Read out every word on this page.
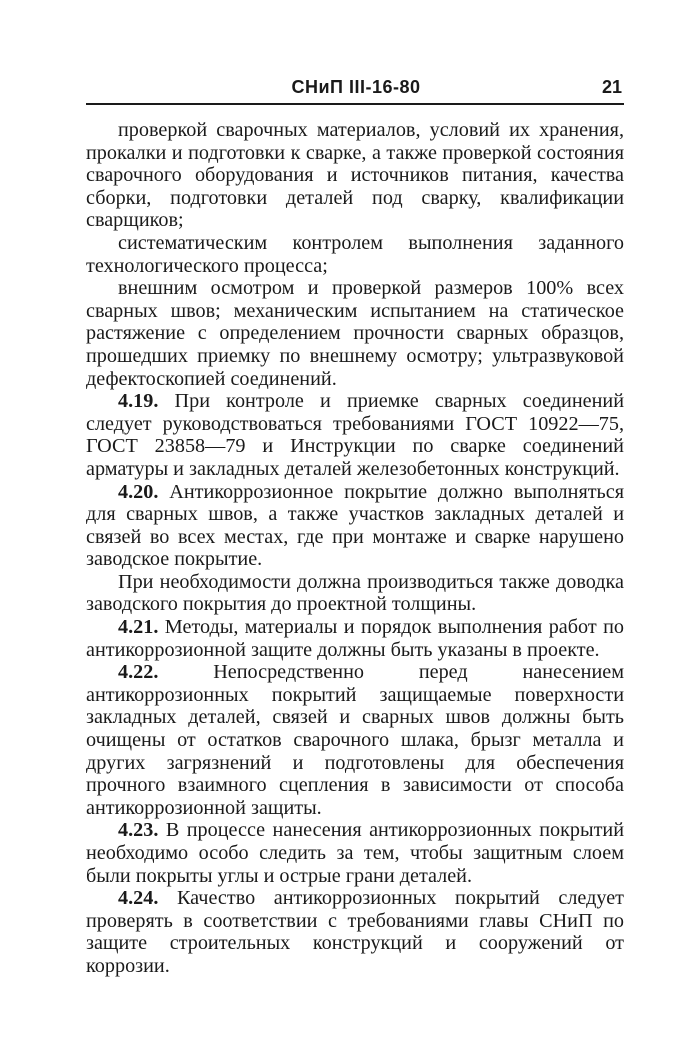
СНиП III-16-80	21

проверкой сварочных материалов, условий их хранения, прокалки и подготовки к сварке, а также проверкой состояния сварочного оборудования и источников питания, качества сборки, подготовки деталей под сварку, квалификации сварщиков;

систематическим контролем выполнения заданного технологического процесса;

внешним осмотром и проверкой размеров 100% всех сварных швов; механическим испытанием на статическое растяжение с определением прочности сварных образцов, прошедших приемку по внешнему осмотру; ультразвуковой дефектоскопией соединений.

4.19. При контроле и приемке сварных соединений следует руководствоваться требованиями ГОСТ 10922—75, ГОСТ 23858—79 и Инструкции по сварке соединений арматуры и закладных деталей железобетонных конструкций.

4.20. Антикоррозионное покрытие должно выполняться для сварных швов, а также участков закладных деталей и связей во всех местах, где при монтаже и сварке нарушено заводское покрытие.

При необходимости должна производиться также доводка заводского покрытия до проектной толщины.

4.21. Методы, материалы и порядок выполнения работ по антикоррозионной защите должны быть указаны в проекте.

4.22.	Непосредственно перед нанесением антикоррозионных покрытий защищаемые поверхности закладных деталей, связей и сварных швов должны быть очищены от остатков сварочного шлака, брызг металла и других загрязнений и подготовлены для обеспечения прочного взаимного сцепления в зависимости от способа антикоррозионной защиты.

4.23. В процессе нанесения антикоррозионных покрытий необходимо особо следить за тем, чтобы защитным слоем были покрыты углы и острые грани деталей.

4.24. Качество антикоррозионных покрытий следует проверять в соответствии с требованиями главы СНиП по защите строительных конструкций и сооружений от коррозии.
